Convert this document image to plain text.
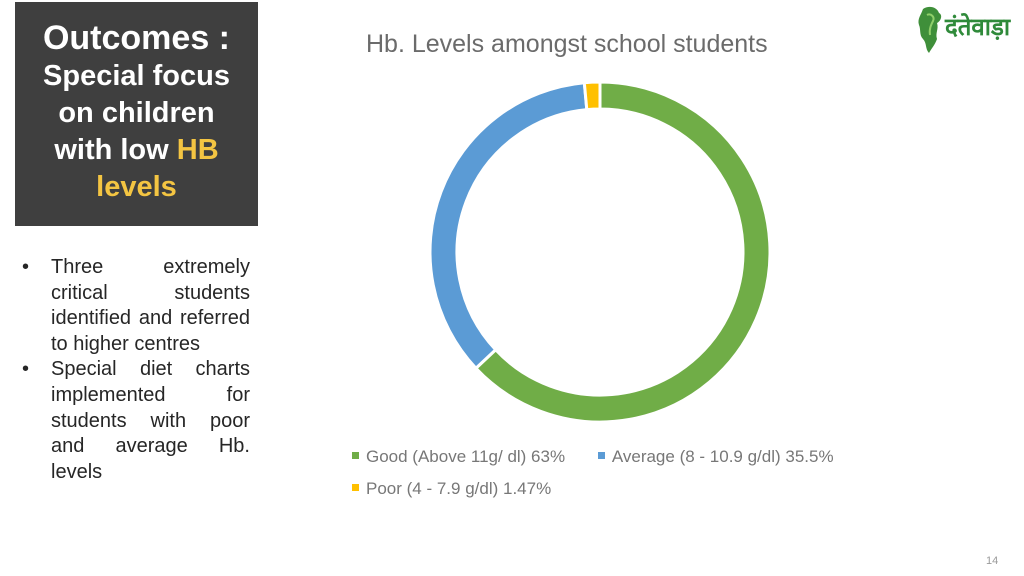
Outcomes :
Special focus
on children
with low HB
levels
• Three extremely critical students identified and referred to higher centres
• Special diet charts implemented for students with poor and average Hb. levels
दंतेवाड़ा
Hb. Levels amongst school students
Good (Above 11g/ dl) 63%	Average (8 - 10.9 g/dl) 35.5%
Poor (4 - 7.9 g/dl) 1.47%
14
